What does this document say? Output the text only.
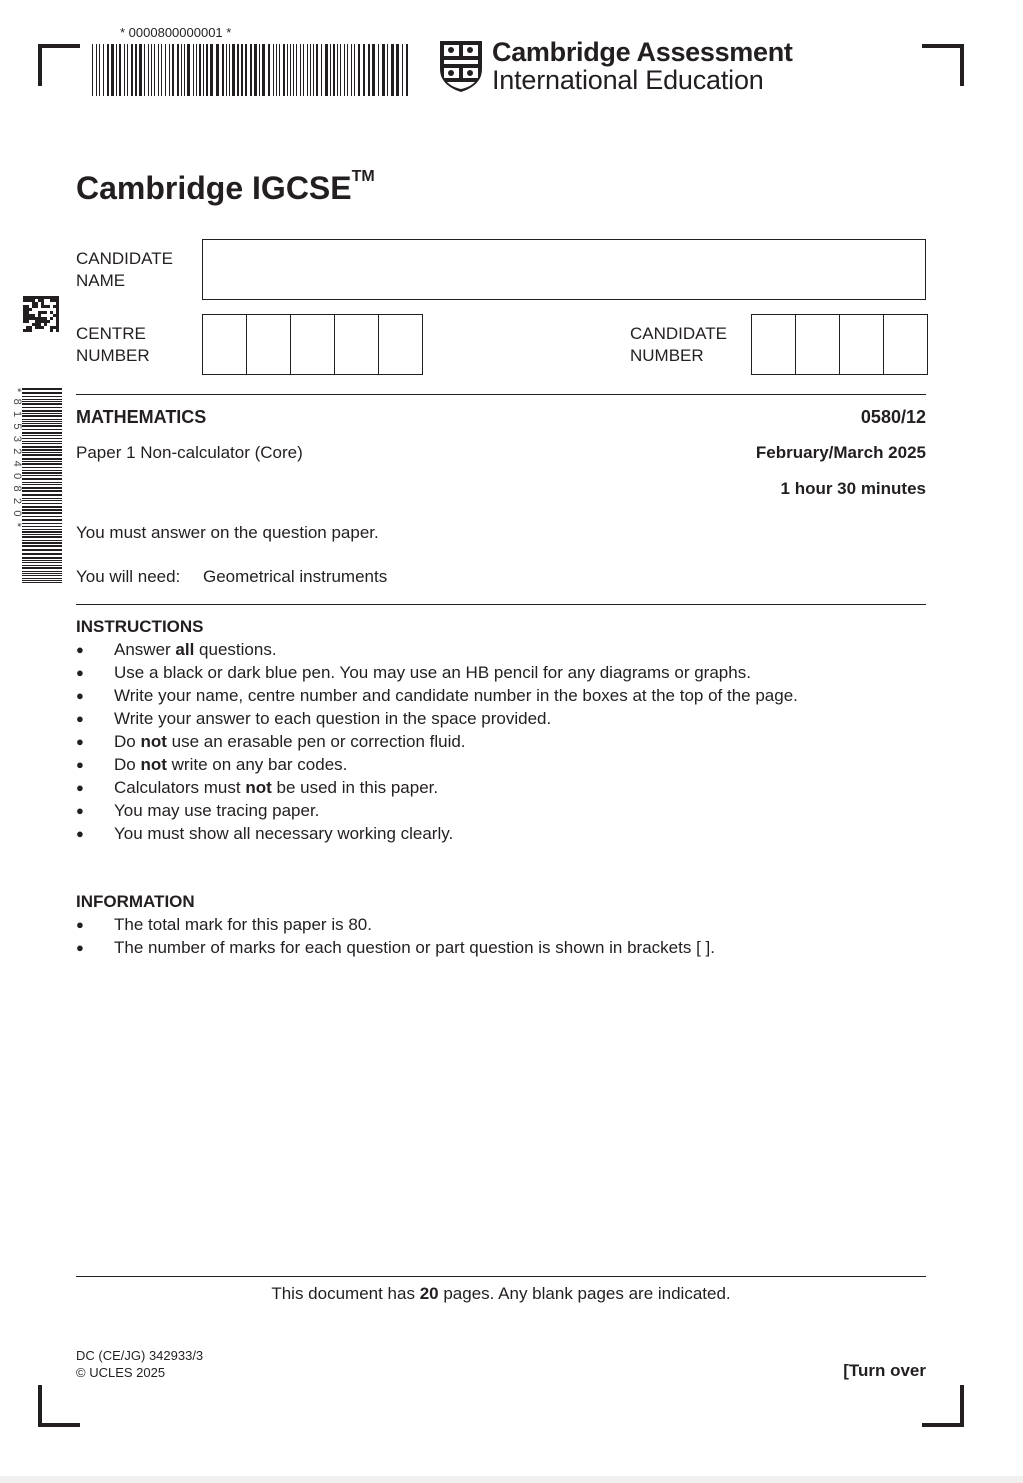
* 0000800000001 *
Cambridge Assessment
International Education
*8153240820*
Cambridge IGCSE™
CANDIDATE
NAME
CENTRE
NUMBER
CANDIDATE
NUMBER
MATHEMATICS	0580/12
Paper 1 Non-calculator (Core)	February/March 2025
1 hour 30 minutes
You must answer on the question paper.
You will need: Geometrical instruments
INSTRUCTIONS
● Answer all questions.
● Use a black or dark blue pen. You may use an HB pencil for any diagrams or graphs.
● Write your name, centre number and candidate number in the boxes at the top of the page.
● Write your answer to each question in the space provided.
● Do not use an erasable pen or correction fluid.
● Do not write on any bar codes.
● Calculators must not be used in this paper.
● You may use tracing paper.
● You must show all necessary working clearly.
INFORMATION
● The total mark for this paper is 80.
● The number of marks for each question or part question is shown in brackets [ ].
This document has 20 pages. Any blank pages are indicated.
DC (CE/JG) 342933/3
© UCLES 2025	[Turn over
